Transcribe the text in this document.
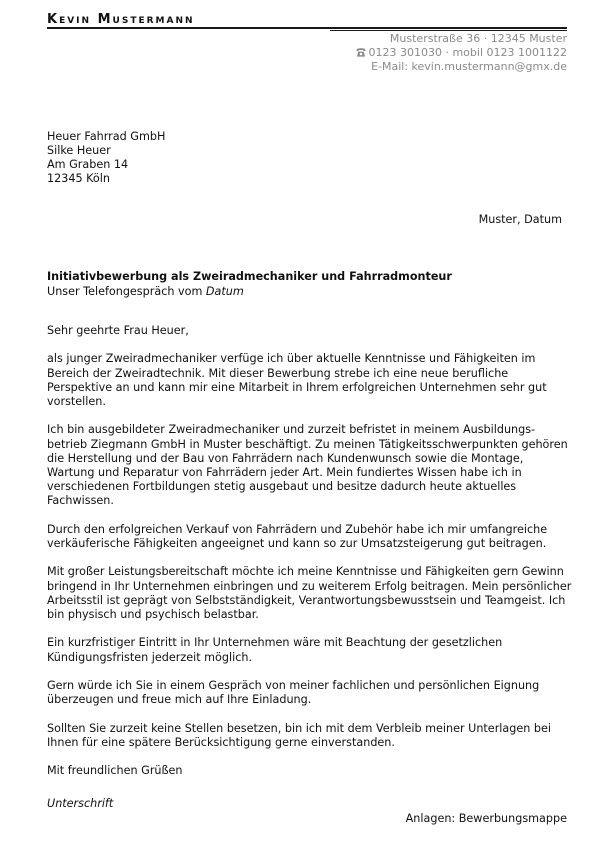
Kevin Mustermann
Musterstraße 36 · 12345 Muster
0123 301030 · mobil 0123 1001122
E-Mail: kevin.mustermann@gmx.de
Heuer Fahrrad GmbH
Silke Heuer
Am Graben 14
12345 Köln
Muster, Datum
Initiativbewerbung als Zweiradmechaniker und Fahrradmonteur
Unser Telefongespräch vom Datum

Sehr geehrte Frau Heuer,

als junger Zweiradmechaniker verfüge ich über aktuelle Kenntnisse und Fähigkeiten im Bereich der Zweiradtechnik. Mit dieser Bewerbung strebe ich eine neue berufliche Perspektive an und kann mir eine Mitarbeit in Ihrem erfolgreichen Unternehmen sehr gut vorstellen.

Ich bin ausgebildeter Zweiradmechaniker und zurzeit befristet in meinem Ausbildungs-betrieb Ziegmann GmbH in Muster beschäftigt. Zu meinen Tätigkeitsschwerpunkten gehören die Herstellung und der Bau von Fahrrädern nach Kundenwunsch sowie die Montage, Wartung und Reparatur von Fahrrädern jeder Art. Mein fundiertes Wissen habe ich in verschiedenen Fortbildungen stetig ausgebaut und besitze dadurch heute aktuelles Fachwissen.

Durch den erfolgreichen Verkauf von Fahrrädern und Zubehör habe ich mir umfangreiche verkäuferische Fähigkeiten angeeignet und kann so zur Umsatzsteigerung gut beitragen.

Mit großer Leistungsbereitschaft möchte ich meine Kenntnisse und Fähigkeiten gern Gewinn bringend in Ihr Unternehmen einbringen und zu weiterem Erfolg beitragen. Mein persönlicher Arbeitsstil ist geprägt von Selbstständigkeit, Verantwortungsbewusstsein und Teamgeist. Ich bin physisch und psychisch belastbar.

Ein kurzfristiger Eintritt in Ihr Unternehmen wäre mit Beachtung der gesetzlichen Kündigungsfristen jederzeit möglich.

Gern würde ich Sie in einem Gespräch von meiner fachlichen und persönlichen Eignung überzeugen und freue mich auf Ihre Einladung.

Sollten Sie zurzeit keine Stellen besetzen, bin ich mit dem Verbleib meiner Unterlagen bei Ihnen für eine spätere Berücksichtigung gerne einverstanden.

Mit freundlichen Grüßen

Unterschrift
Anlagen: Bewerbungsmappe
